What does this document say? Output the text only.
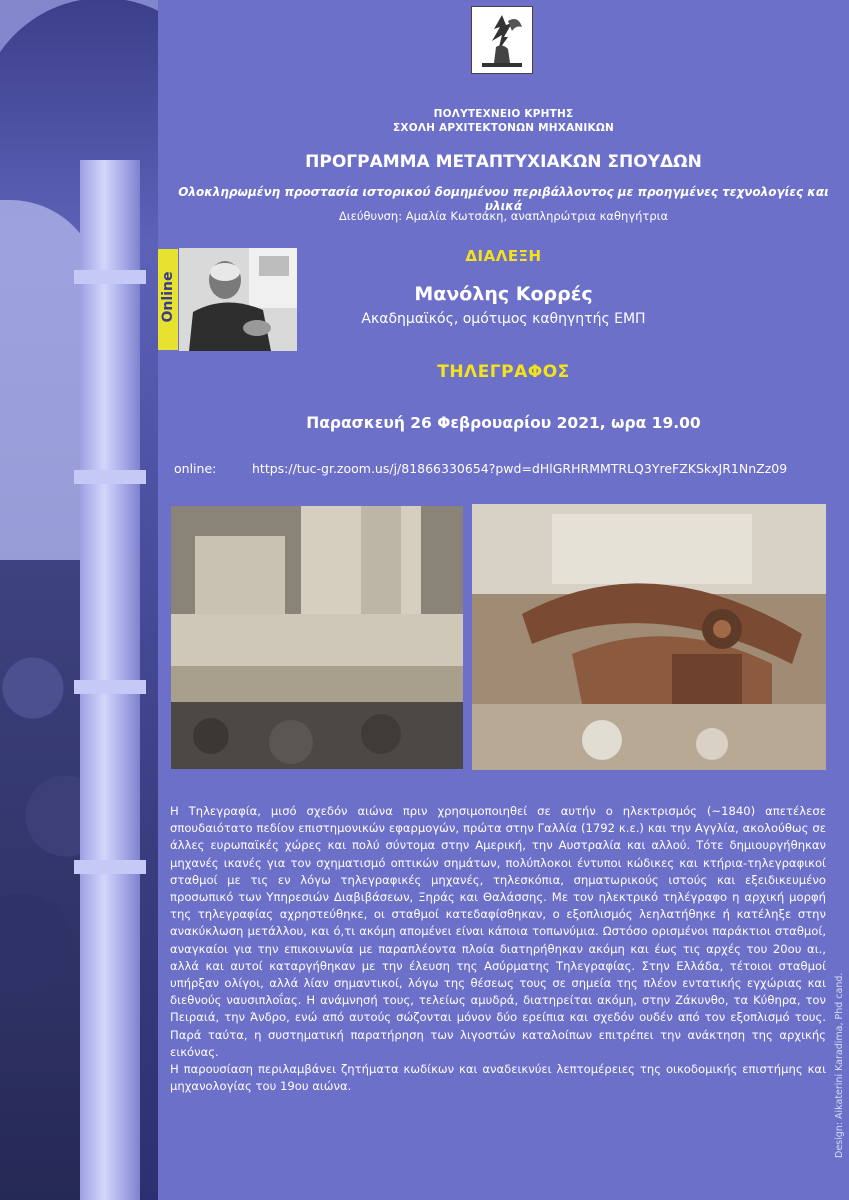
ΠΟΛΥΤΕΧΝΕΙΟ ΚΡΗΤΗΣ
ΣΧΟΛΗ ΑΡΧΙΤΕΚΤΟΝΩΝ ΜΗΧΑΝΙΚΩΝ
ΠΡΟΓΡΑΜΜΑ ΜΕΤΑΠΤΥΧΙΑΚΩΝ ΣΠΟΥΔΩΝ
Ολοκληρωμένη προστασία ιστορικού δομημένου περιβάλλοντος με προηγμένες τεχνολογίες και υλικά
Διεύθυνση: Αμαλία Κωτσάκη, αναπληρώτρια καθηγήτρια
Online
ΔΙΑΛΕΞΗ
Μανόλης Κορρές
Ακαδημαϊκός, ομότιμος καθηγητής ΕΜΠ
ΤΗΛΕΓΡΑΦΟΣ
Παρασκευή 26 Φεβρουαρίου 2021, ωρα 19.00
online:	https://tuc-gr.zoom.us/j/81866330654?pwd=dHlGRHRMMTRLQ3YreFZKSkxJR1NnZz09

Η Τηλεγραφία, μισό σχεδόν αιώνα πριν χρησιμοποιηθεί σε αυτήν ο ηλεκτρισμός (~1840) απετέλεσε σπουδαιότατο πεδίον επιστημονικών εφαρμογών, πρώτα στην Γαλλία (1792 κ.ε.) και την Αγγλία, ακολούθως σε άλλες ευρωπαϊκές χώρες και πολύ σύντομα στην Αμερική, την Αυστραλία και αλλού. Τότε δημιουργήθηκαν μηχανές ικανές για τον σχηματισμό οπτικών σημάτων, πολύπλοκοι έντυποι κώδικες και κτήρια-τηλεγραφικοί σταθμοί με τις εν λόγω τηλεγραφικές μηχανές, τηλεσκόπια, σηματωρικούς ιστούς και εξειδικευμένο προσωπικό των Υπηρεσιών Διαβιβάσεων, Ξηράς και Θαλάσσης. Με τον ηλεκτρικό τηλέγραφο η αρχική μορφή της τηλεγραφίας αχρηστεύθηκε, οι σταθμοί κατεδαφίσθηκαν, ο εξοπλισμός λεηλατήθηκε ή κατέληξε στην ανακύκλωση μετάλλου, και ό,τι ακόμη απομένει είναι κάποια τοπωνύμια. Ωστόσο ορισμένοι παράκτιοι σταθμοί, αναγκαίοι για την επικοινωνία με παραπλέοντα πλοία διατηρήθηκαν ακόμη και έως τις αρχές του 20ου αι., αλλά και αυτοί καταργήθηκαν με την έλευση της Ασύρματης Τηλεγραφίας. Στην Ελλάδα, τέτοιοι σταθμοί υπήρξαν ολίγοι, αλλά λίαν σημαντικοί, λόγω της θέσεως τους σε σημεία της πλέον εντατικής εγχώριας και διεθνούς ναυσιπλοΐας. Η ανάμνησή τους, τελείως αμυδρά, διατηρείται ακόμη, στην Ζάκυνθο, τα Κύθηρα, τον Πειραιά, την Άνδρο, ενώ από αυτούς σώζονται μόνον δύο ερείπια και σχεδόν ουδέν από τον εξοπλισμό τους. Παρά ταύτα, η συστηματική παρατήρηση των λιγοστών καταλοίπων επιτρέπει την ανάκτηση της αρχικής εικόνας.

Η παρουσίαση περιλαμβάνει ζητήματα κωδίκων και αναδεικνύει λεπτομέρειες της οικοδομικής επιστήμης και μηχανολογίας του 19ου αιώνα.	Design: Aikaterini Karadima, Phd cand.
